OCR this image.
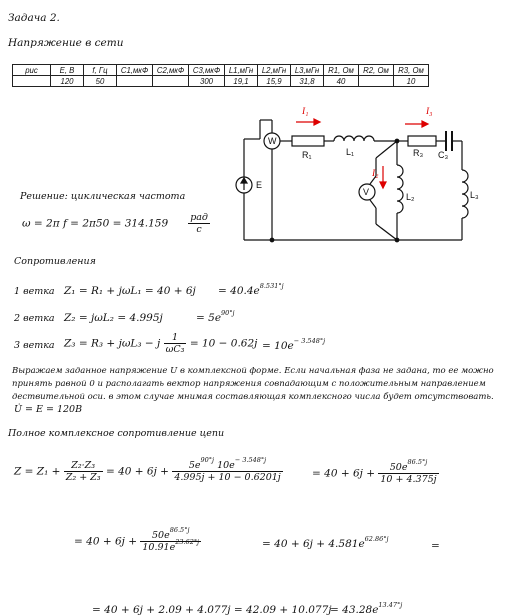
Задача 2.
Напряжение в сети
рис	E, B	f, Гц	C1,мкФ	C2,мкФ	C3,мкФ	L1,мГн	L2,мГн	L3,мГн	R1, Ом	R2, Ом	R3, Ом
	120	50			300	19,1	15,9	31,8	40		10
W
V
E
R₁	L₁	R₃ C₃
L₂	L₃
I₁	I₃
I₂
Решение: циклическая частота
ω = 2π $f = 2\pi 50 = 314.159 \frac{\text{рад}}{с}$
Сопротивления
1 ветка $Z_1 = R_1 + j\omega L_1 = 40 + 6j = 40.4e^{8.531^\circ j}$
2 ветка Z₂ = jωL₂ = 4.995j	= $5e^{90^\circ j}$
3 ветка Z₃ = R₃ + jωL₃ − j $\frac{1}{\text{ωC₃}} = 10 - 0.62j = 10e^{- 3.548^\circ j}$
Выражаем заданное напряжение U в комплексной форме. Если начальная фаза не задана, то ее можно
принять равной 0 и располагать вектор напряжения совпадающим с положительным направлением
дествительной оси. в этом случае мнимая составляющая комплексного числа будет отсутствовать.
U̇ = E = 120B
Полное комплексное сопротивление цепи
$Z = Z_1 + \frac{\text{Z₂·Z₃}}{\text{Z₂ + Z₃}} = 40 + 6j + \frac{5e^{90^\circ j} 10e^{- 3.548^\circ j}}{4.995j + 10 - 0.6201j}$	= $40 + 6j + \frac{50e^{86.5^\circ j}}{10 + 4.375j}$
= $40 + 6j + \frac{50e^{86.5^\circ j}}{10.91e^{23.62^\circ j}}$	= $40 + 6j + 4.581e^{62.86^\circ j}$
=
= 40 + 6j + 2.09 + 4.077j = 42.09 + 10.077j
= $43.28e^{13.47^\circ j}$
